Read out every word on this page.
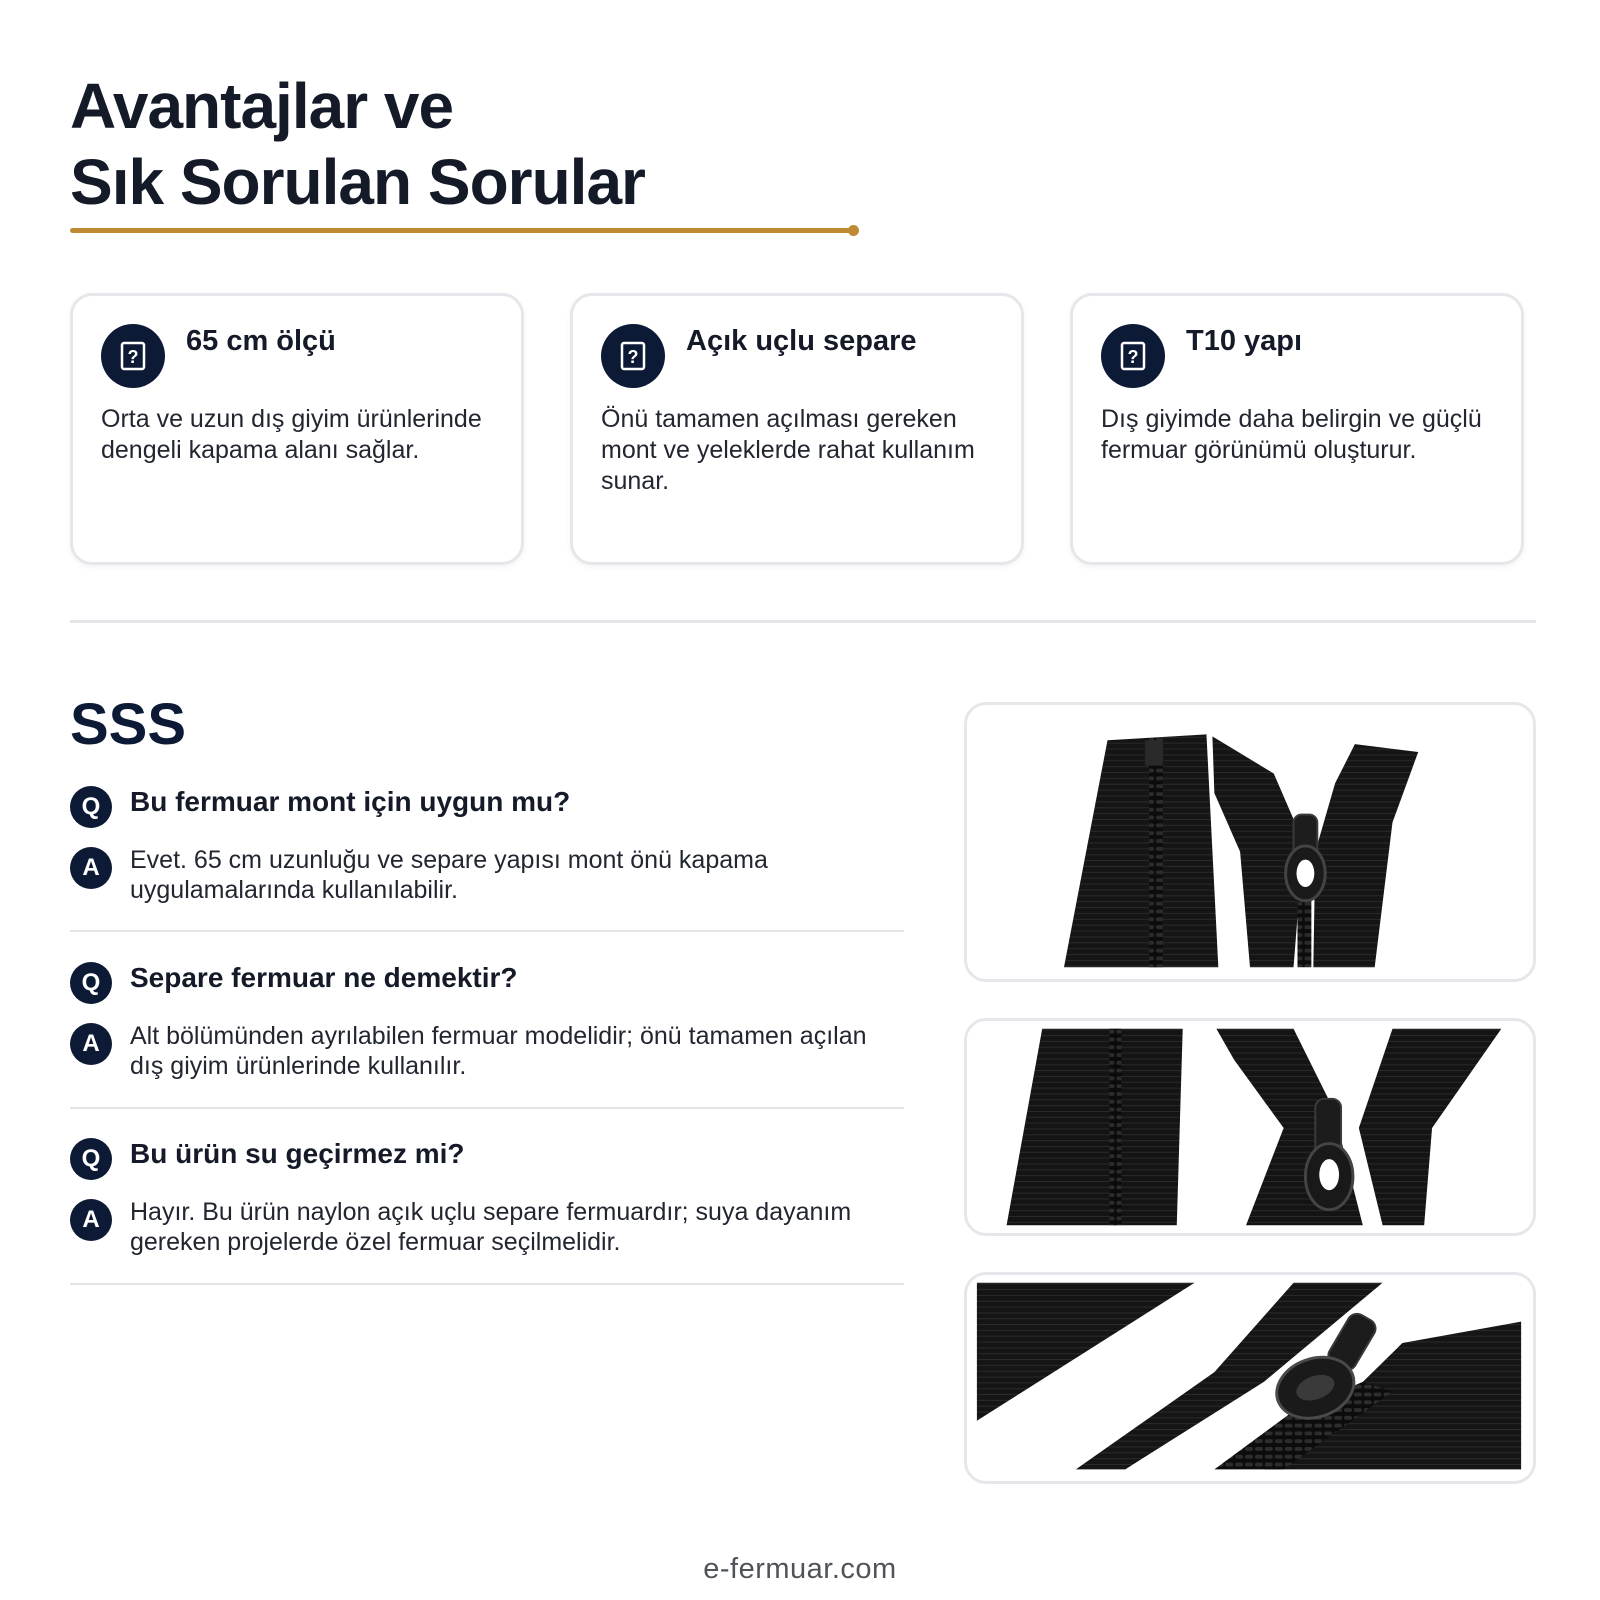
Avantajlar ve
Sık Sorulan Sorular
? 65 cm ölçü

Orta ve uzun dış giyim ürünlerinde dengeli kapama alanı sağlar.

? Açık uçlu separe

Önü tamamen açılması gereken mont ve yeleklerde rahat kullanım sunar.

? T10 yapı

Dış giyimde daha belirgin ve güçlü fermuar görünümü oluşturur.

SSS
Q	Bu fermuar mont için uygun mu?
A	Evet. 65 cm uzunluğu ve separe yapısı mont önü kapama uygulamalarında kullanılabilir.

Q	Separe fermuar ne demektir?
A	Alt bölümünden ayrılabilen fermuar modelidir; önü tamamen açılan dış giyim ürünlerinde kullanılır.

Q	Bu ürün su geçirmez mi?
A	Hayır. Bu ürün naylon açık uçlu separe fermuardır; suya dayanım gereken projelerde özel fermuar seçilmelidir.

e-fermuar.com
